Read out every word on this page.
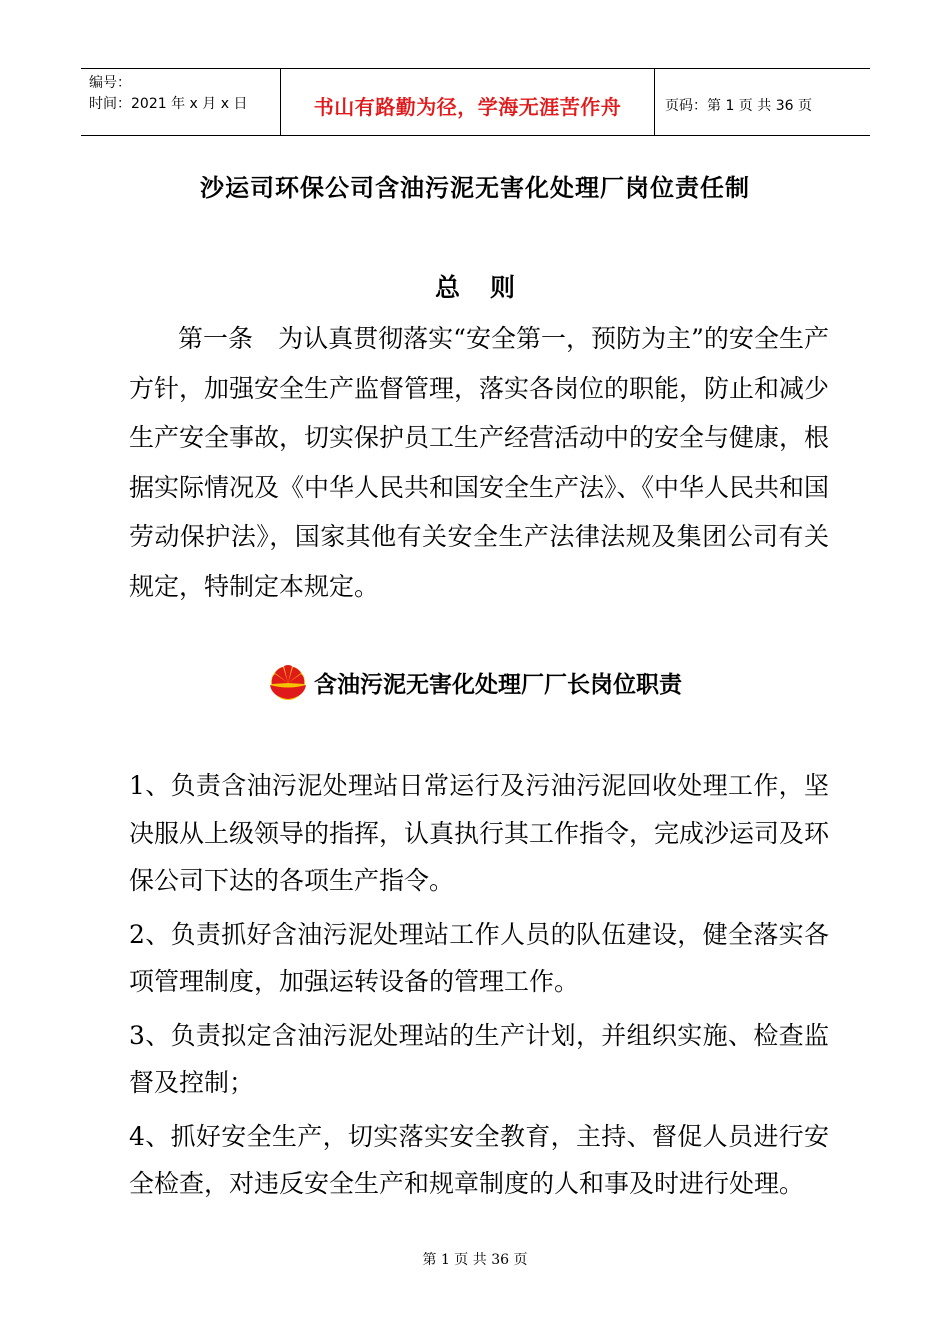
编号：
时间：2021 年 x 月 x 日	书山有路勤为径，学海无涯苦作舟	页码：第 1 页 共 36 页
沙运司环保公司含油污泥无害化处理厂岗位责任制
总则
第一条　为认真贯彻落实“安全第一，预防为主”的安全生产方针，加强安全生产监督管理，落实各岗位的职能，防止和减少生产安全事故，切实保护员工生产经营活动中的安全与健康，根据实际情况及《中华人民共和国安全生产法》、《中华人民共和国劳动保护法》，国家其他有关安全生产法律法规及集团公司有关规定，特制定本规定。
含油污泥无害化处理厂厂长岗位职责

1、负责含油污泥处理站日常运行及污油污泥回收处理工作，坚决服从上级领导的指挥，认真执行其工作指令，完成沙运司及环保公司下达的各项生产指令。

2、负责抓好含油污泥处理站工作人员的队伍建设，健全落实各项管理制度，加强运转设备的管理工作。

3、负责拟定含油污泥处理站的生产计划，并组织实施、检查监督及控制；

4、抓好安全生产，切实落实安全教育，主持、督促人员进行安全检查，对违反安全生产和规章制度的人和事及时进行处理。

第 1 页 共 36 页
